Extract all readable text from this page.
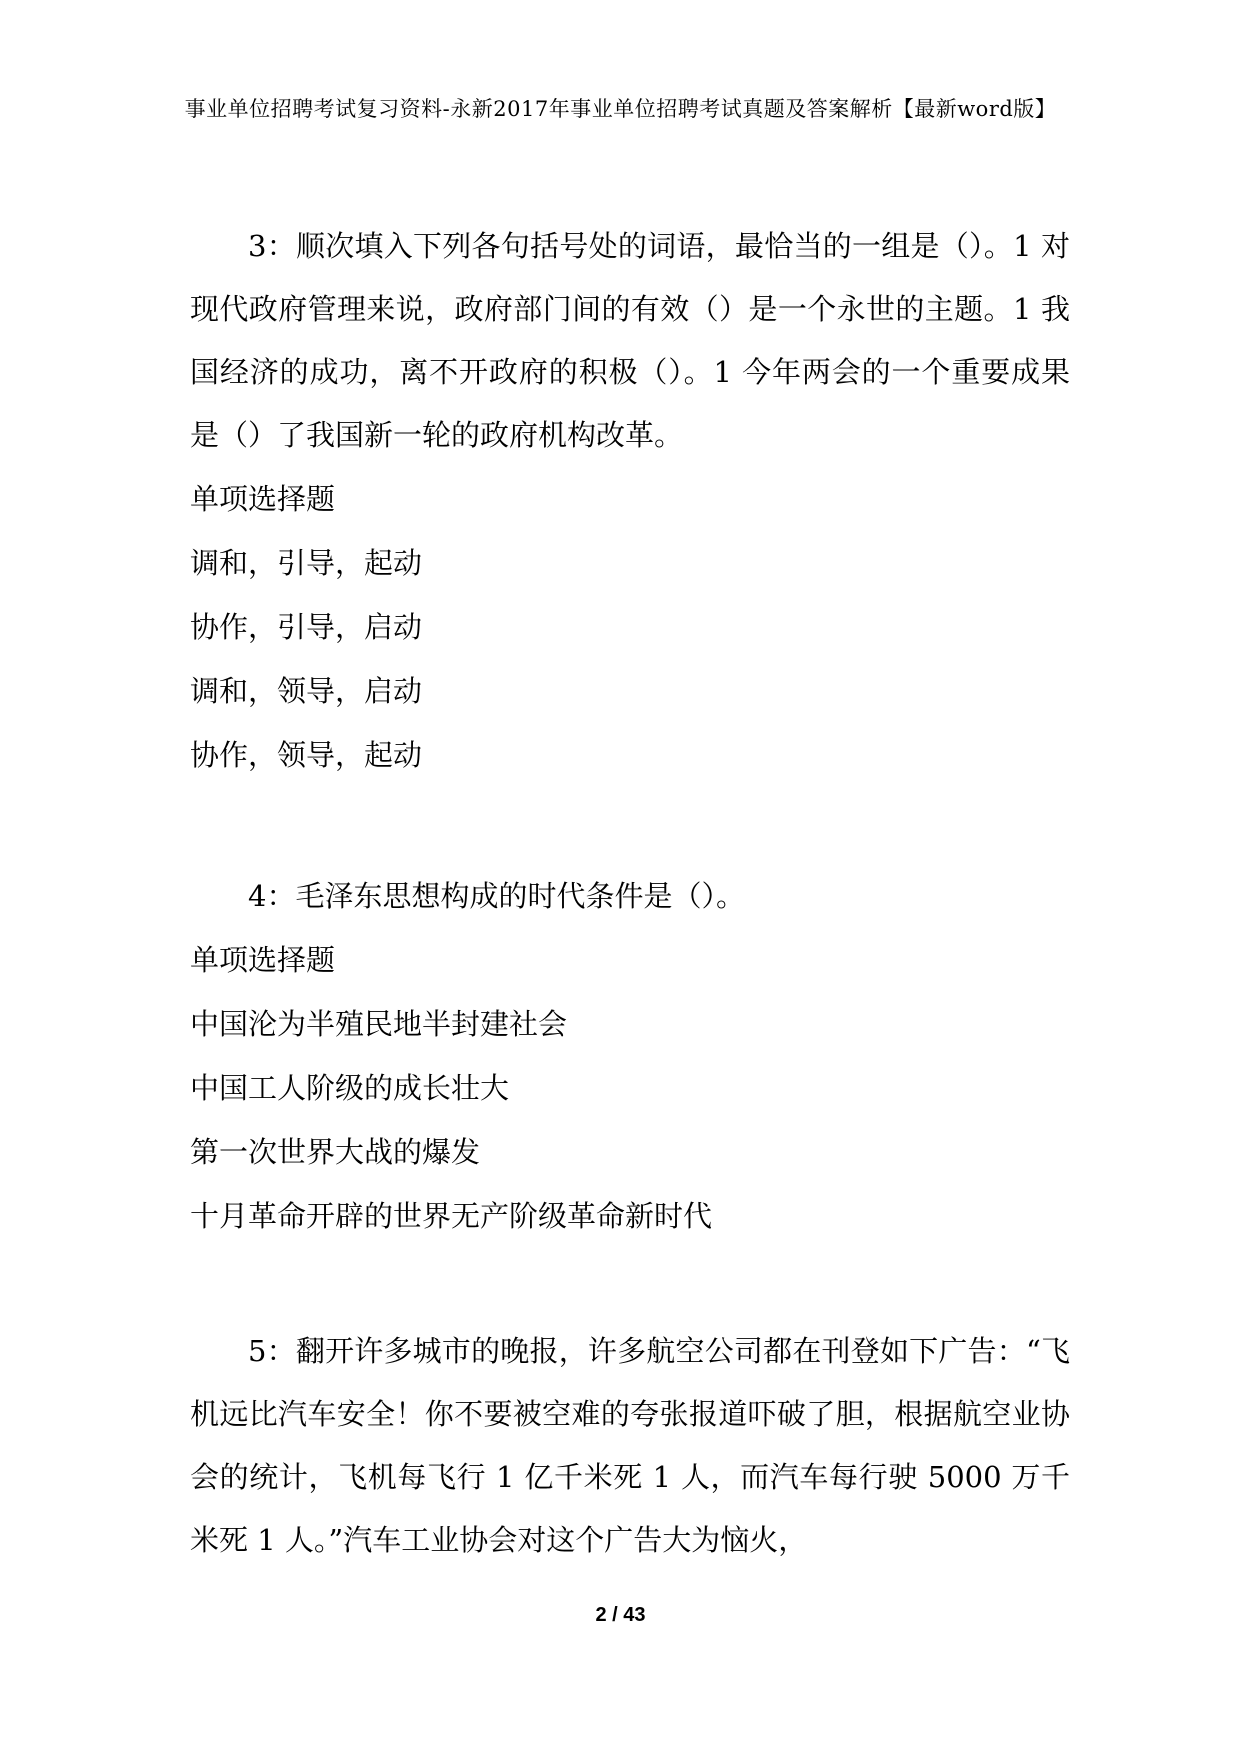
事业单位招聘考试复习资料-永新2017年事业单位招聘考试真题及答案解析【最新word版】

3：顺次填入下列各句括号处的词语，最恰当的一组是（）。1 对现代政府管理来说，政府部门间的有效（）是一个永世的主题。1 我国经济的成功，离不开政府的积极（）。1 今年两会的一个重要成果是（）了我国新一轮的政府机构改革。

单项选择题

调和，引导，起动

协作，引导，启动

调和，领导，启动

协作，领导，起动

4：毛泽东思想构成的时代条件是（）。

单项选择题

中国沦为半殖民地半封建社会

中国工人阶级的成长壮大

第一次世界大战的爆发

十月革命开辟的世界无产阶级革命新时代

5：翻开许多城市的晚报，许多航空公司都在刊登如下广告：“飞机远比汽车安全！你不要被空难的夸张报道吓破了胆，根据航空业协会的统计，飞机每飞行 1 亿千米死 1 人，而汽车每行驶 5000 万千米死 1 人。”汽车工业协会对这个广告大为恼火，

2 / 43
